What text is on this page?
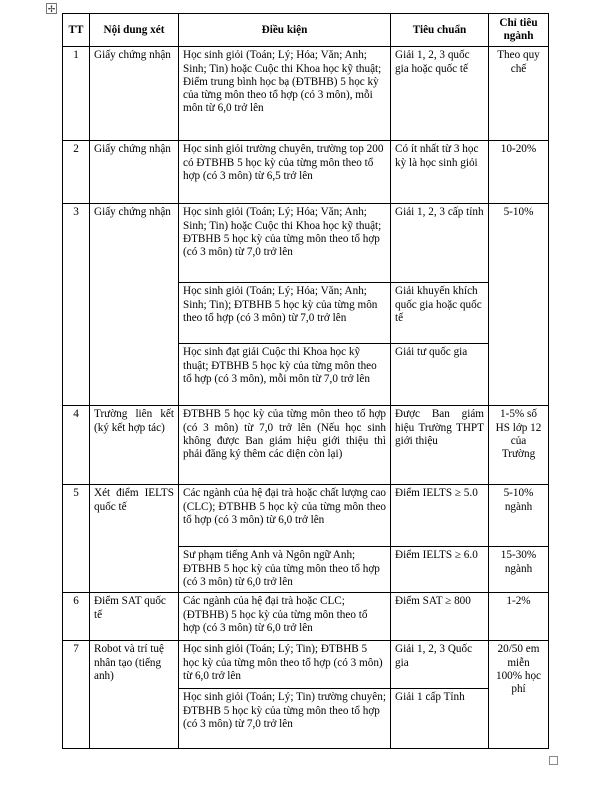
✢
TT	Nội dung xét	Điều kiện	Tiêu chuẩn	Chỉ tiêu ngành
1	Giấy chứng nhận	Học sinh giỏi (Toán; Lý; Hóa; Văn; Anh; Sinh; Tin) hoặc Cuộc thi Khoa học kỹ thuật; Điểm trung bình học bạ (ĐTBHB) 5 học kỳ của từng môn theo tổ hợp (có 3 môn), mỗi môn từ 6,0 trở lên	Giải 1, 2, 3 quốc gia hoặc quốc tế	Theo quy chế
2	Giấy chứng nhận	Học sinh giỏi trường chuyên, trường top 200 có ĐTBHB 5 học kỳ của từng môn theo tổ hợp (có 3 môn) từ 6,5 trở lên	Có ít nhất từ 3 học kỳ là học sinh giỏi	10-20%
3	Giấy chứng nhận	Học sinh giỏi (Toán; Lý; Hóa; Văn; Anh; Sinh; Tin) hoặc Cuộc thi Khoa học kỹ thuật; ĐTBHB 5 học kỳ của từng môn theo tổ hợp (có 3 môn) từ 7,0 trở lên	Giải 1, 2, 3 cấp tỉnh	5-10%
		Học sinh giỏi (Toán; Lý; Hóa; Văn; Anh; Sinh; Tin); ĐTBHB 5 học kỳ của từng môn theo tổ hợp (có 3 môn) từ 7,0 trở lên	Giải khuyến khích quốc gia hoặc quốc tế	
		Học sinh đạt giải Cuộc thi Khoa học kỹ thuật; ĐTBHB 5 học kỳ của từng môn theo tổ hợp (có 3 môn), mỗi môn từ 7,0 trở lên	Giải tư quốc gia	
4	Trường liên kết (ký kết hợp tác)	ĐTBHB 5 học kỳ của từng môn theo tổ hợp (có 3 môn) từ 7,0 trở lên (Nếu học sinh không được Ban giám hiệu giới thiệu thì phải đăng ký thêm các diện còn lại)	Được Ban giám hiệu Trường THPT giới thiệu	1-5% số HS lớp 12 của Trường
5	Xét điểm IELTS quốc tế	Các ngành của hệ đại trà hoặc chất lượng cao (CLC); ĐTBHB 5 học kỳ của từng môn theo tổ hợp (có 3 môn) từ 6,0 trở lên	Điểm IELTS ≥ 5.0	5-10% ngành
		Sư phạm tiếng Anh và Ngôn ngữ Anh; ĐTBHB 5 học kỳ của từng môn theo tổ hợp (có 3 môn) từ 6,0 trở lên	Điểm IELTS ≥ 6.0	15-30% ngành
6	Điểm SAT quốc tế	Các ngành của hệ đại trà hoặc CLC; (ĐTBHB) 5 học kỳ của từng môn theo tổ hợp (có 3 môn) từ 6,0 trở lên	Điểm SAT ≥ 800	1-2%
7	Robot và trí tuệ nhân tạo (tiếng anh)	Học sinh giỏi (Toán; Lý; Tin); ĐTBHB 5 học kỳ của từng môn theo tổ hợp (có 3 môn) từ 6,0 trở lên	Giải 1, 2, 3 Quốc gia	20/50 em miễn 100% học phí
		Học sinh giỏi (Toán; Lý; Tin) trường chuyên; ĐTBHB 5 học kỳ của từng môn theo tổ hợp (có 3 môn) từ 7,0 trở lên	Giải 1 cấp Tỉnh	
